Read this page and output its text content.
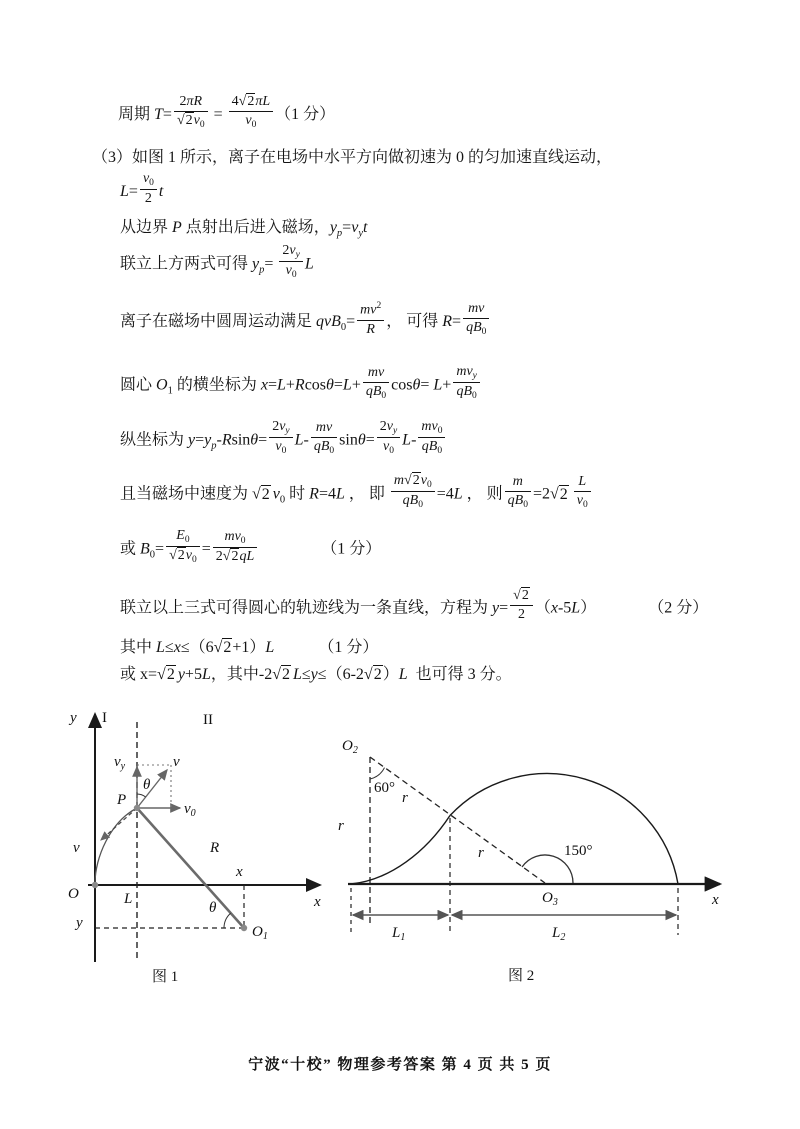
周期 $T= \frac{2\pi R}{√2v_0} = \frac{4√2\pi L}{v_0} (1$ 分）
（3）如图 1 所示，离子在电场中水平方向做初速为 0 的匀加速直线运动，
$L= \frac{v_0}{2}$ t
从边界 P 点射出后进入磁场，$y_p=v_yt$
联立上方两式可得 $y_p= \frac{2v_y}{v_0}$ L
离子在磁场中圆周运动满足 $qvB_0= \frac{mv^2}{R}$ ， 可得 $R= \frac{mv}{qB_0}$
圆心 $O_1$ 的横坐标为 $x=L+Rcos\theta=L+ \frac{mv}{qB_0} \cos\theta= L+ \frac{mv_y}{qB_0}$
纵坐标为 $y=y_p-Rsin\theta= \frac{2v_y}{v_0} L- \frac{mv}{qB_0} \sin\theta= \frac{2v_y}{v_0} L- \frac{mv_0}{qB_0}$
且当磁场中速度为 √2 $v_0$ 时 R=4L ， 即 $\frac{m√2v_0}{qB_0} =4L$ ， 则 $\frac{m}{qB_0} =2√2 \frac{L}{v_0}$
或 $B_0= \frac{E_0}{√2v_0} = \frac{mv_0}{2√2qL}$	（1 分）
联立以上三式可得圆心的轨迹线为一条直线，方程为 $y= \frac{√2}{2} (x-5L)$	（2 分）
其中 L≤x≤（6√2+1）L	（1 分）
或 x=√2 y+5L，其中-2√2 L≤y≤（6-2√2）L  也可得 3 分。
y I	II
x
O	L
P
$v_y$	v
$v_0$
θ
v	R
x
y
θ
$O_1$
图 1
$O_2$
60°
r
r
r	150°
$O_3$	x
$L_1$	$L_2$
图 2
宁波“十校” 物理参考答案 第 4 页 共 5 页
